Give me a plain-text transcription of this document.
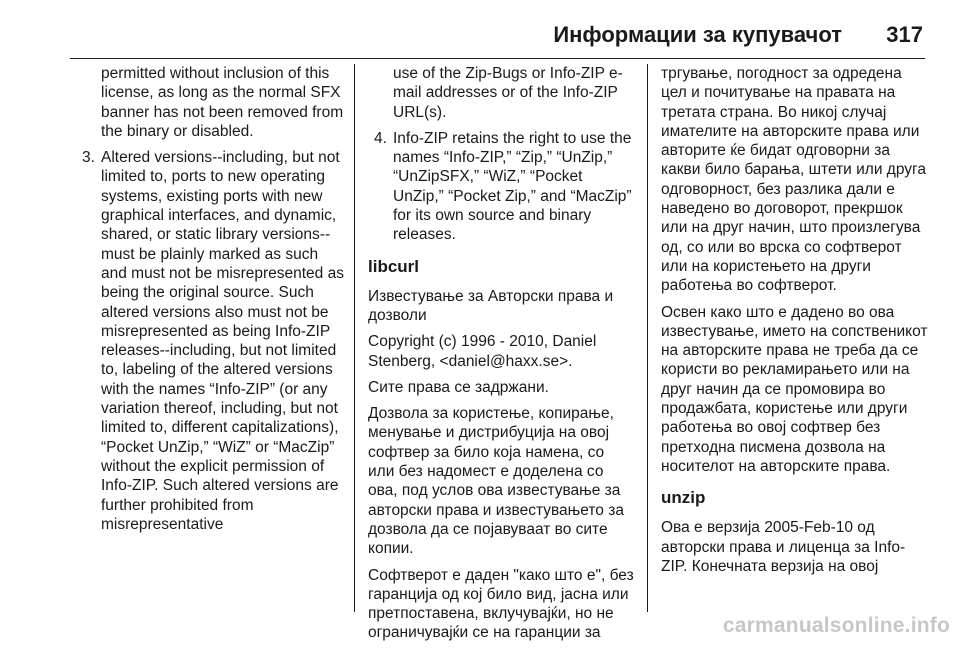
Информации за купувачот 317
permitted without inclusion of this license, as long as the normal SFX banner has not been removed from the binary or disabled.
3. Altered versions--including, but not limited to, ports to new operating systems, existing ports with new graphical interfaces, and dynamic, shared, or static library versions--must be plainly marked as such and must not be misrepresented as being the original source. Such altered versions also must not be misrepresented as being Info-ZIP releases--including, but not limited to, labeling of the altered versions with the names “Info-ZIP” (or any variation thereof, including, but not limited to, different capitalizations), “Pocket UnZip,” “WiZ” or “MacZip” without the explicit permission of Info-ZIP. Such altered versions are further prohibited from misrepresentative
use of the Zip-Bugs or Info-ZIP e-mail addresses or of the Info-ZIP URL(s).
4. Info-ZIP retains the right to use the names “Info-ZIP,” “Zip,” “UnZip,” “UnZipSFX,” “WiZ,” “Pocket UnZip,” “Pocket Zip,” and “MacZip” for its own source and binary releases.
libcurl

Известување за Авторски права и дозволи

Copyright (c) 1996 - 2010, Daniel Stenberg, <daniel@haxx.se>.

Сите права се задржани.

Дозвола за користење, копирање, менување и дистрибуција на овој софтвер за било која намена, со или без надомест е доделена со ова, под услов ова известување за авторски права и известувањето за дозвола да се појавуваат во сите копии.

Софтверот е даден "како што е", без гаранција од кој било вид, јасна или претпоставена, вклучувајќи, но не ограничувајќи се на гаранции за

тргување, погодност за одредена цел и почитување на правата на третата страна. Во никој случај имателите на авторските права или авторите ќе бидат одговорни за какви било барања, штети или друга одговорност, без разлика дали е наведено во договорот, прекршок или на друг начин, што произлегува од, со или во врска со софтверот или на користењето на други работења во софтверот.

Освен како што е дадено во ова известување, името на сопственикот на авторските права не треба да се користи во рекламирањето или на друг начин да се промовира во продажбата, користење или други работења во овој софтвер без претходна писмена дозвола на носителот на авторските права.

unzip

Ова е верзија 2005-Feb-10 од авторски права и лиценца за Info-ZIP. Конечната верзија на овој

carmanualsonline.info
